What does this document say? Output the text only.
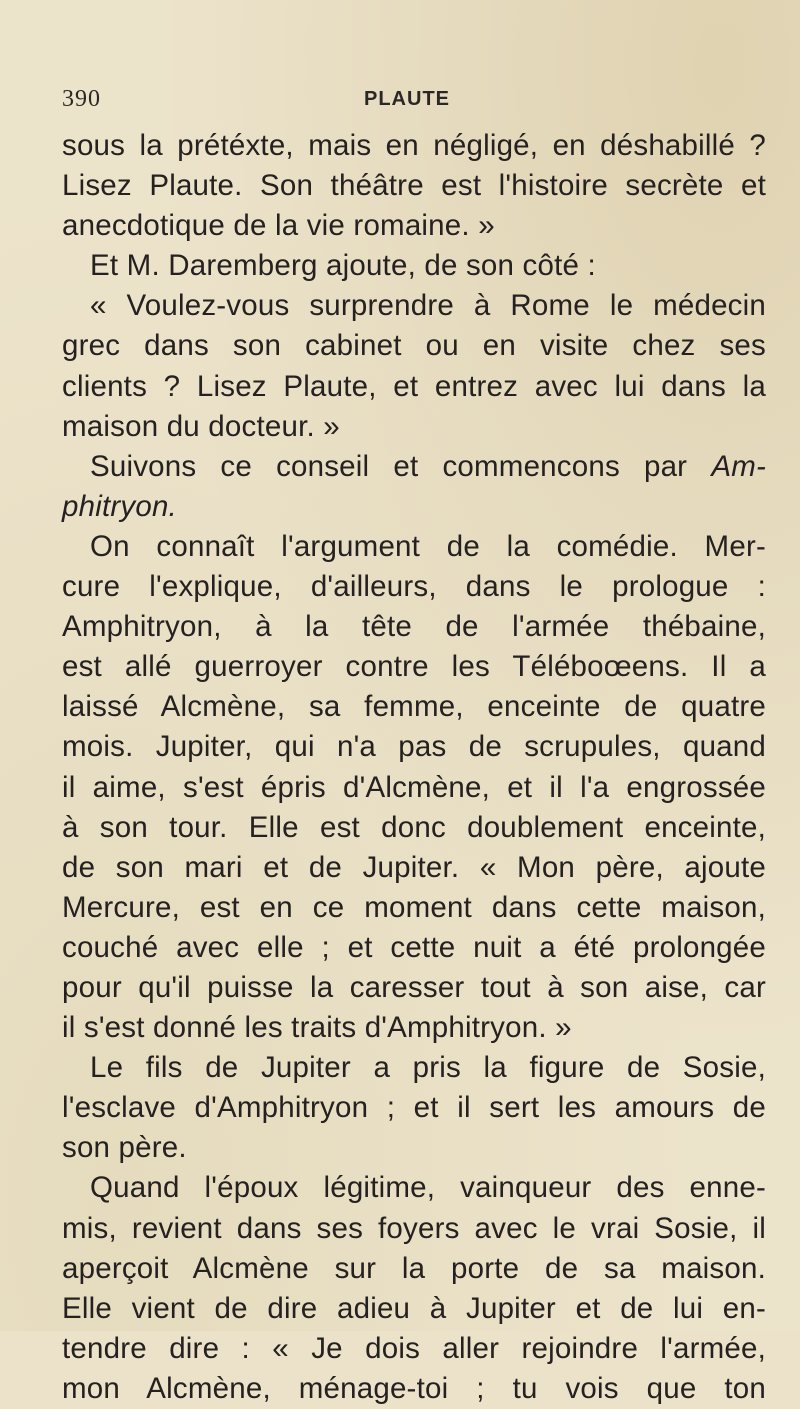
390	PLAUTE
sous la prétéxte, mais en négligé, en déshabillé ?
Lisez Plaute. Son théâtre est l'histoire secrète et
anecdotique de la vie romaine. »
Et M. Daremberg ajoute, de son côté :
« Voulez-vous surprendre à Rome le médecin
grec dans son cabinet ou en visite chez ses
clients ? Lisez Plaute, et entrez avec lui dans la
maison du docteur. »
Suivons ce conseil et commencons par Am-
phitryon.
On connaît l'argument de la comédie. Mer-
cure l'explique, d'ailleurs, dans le prologue :
Amphitryon, à la tête de l'armée thébaine,
est allé guerroyer contre les Téléboœens. Il a
laissé Alcmène, sa femme, enceinte de quatre
mois. Jupiter, qui n'a pas de scrupules, quand
il aime, s'est épris d'Alcmène, et il l'a engrossée
à son tour. Elle est donc doublement enceinte,
de son mari et de Jupiter. « Mon père, ajoute
Mercure, est en ce moment dans cette maison,
couché avec elle ; et cette nuit a été prolongée
pour qu'il puisse la caresser tout à son aise, car
il s'est donné les traits d'Amphitryon. »
Le fils de Jupiter a pris la figure de Sosie,
l'esclave d'Amphitryon ; et il sert les amours de
son père.
Quand l'époux légitime, vainqueur des enne-
mis, revient dans ses foyers avec le vrai Sosie, il
aperçoit Alcmène sur la porte de sa maison.
Elle vient de dire adieu à Jupiter et de lui en-
tendre dire : « Je dois aller rejoindre l'armée,
mon Alcmène, ménage-toi ; tu vois que ton
